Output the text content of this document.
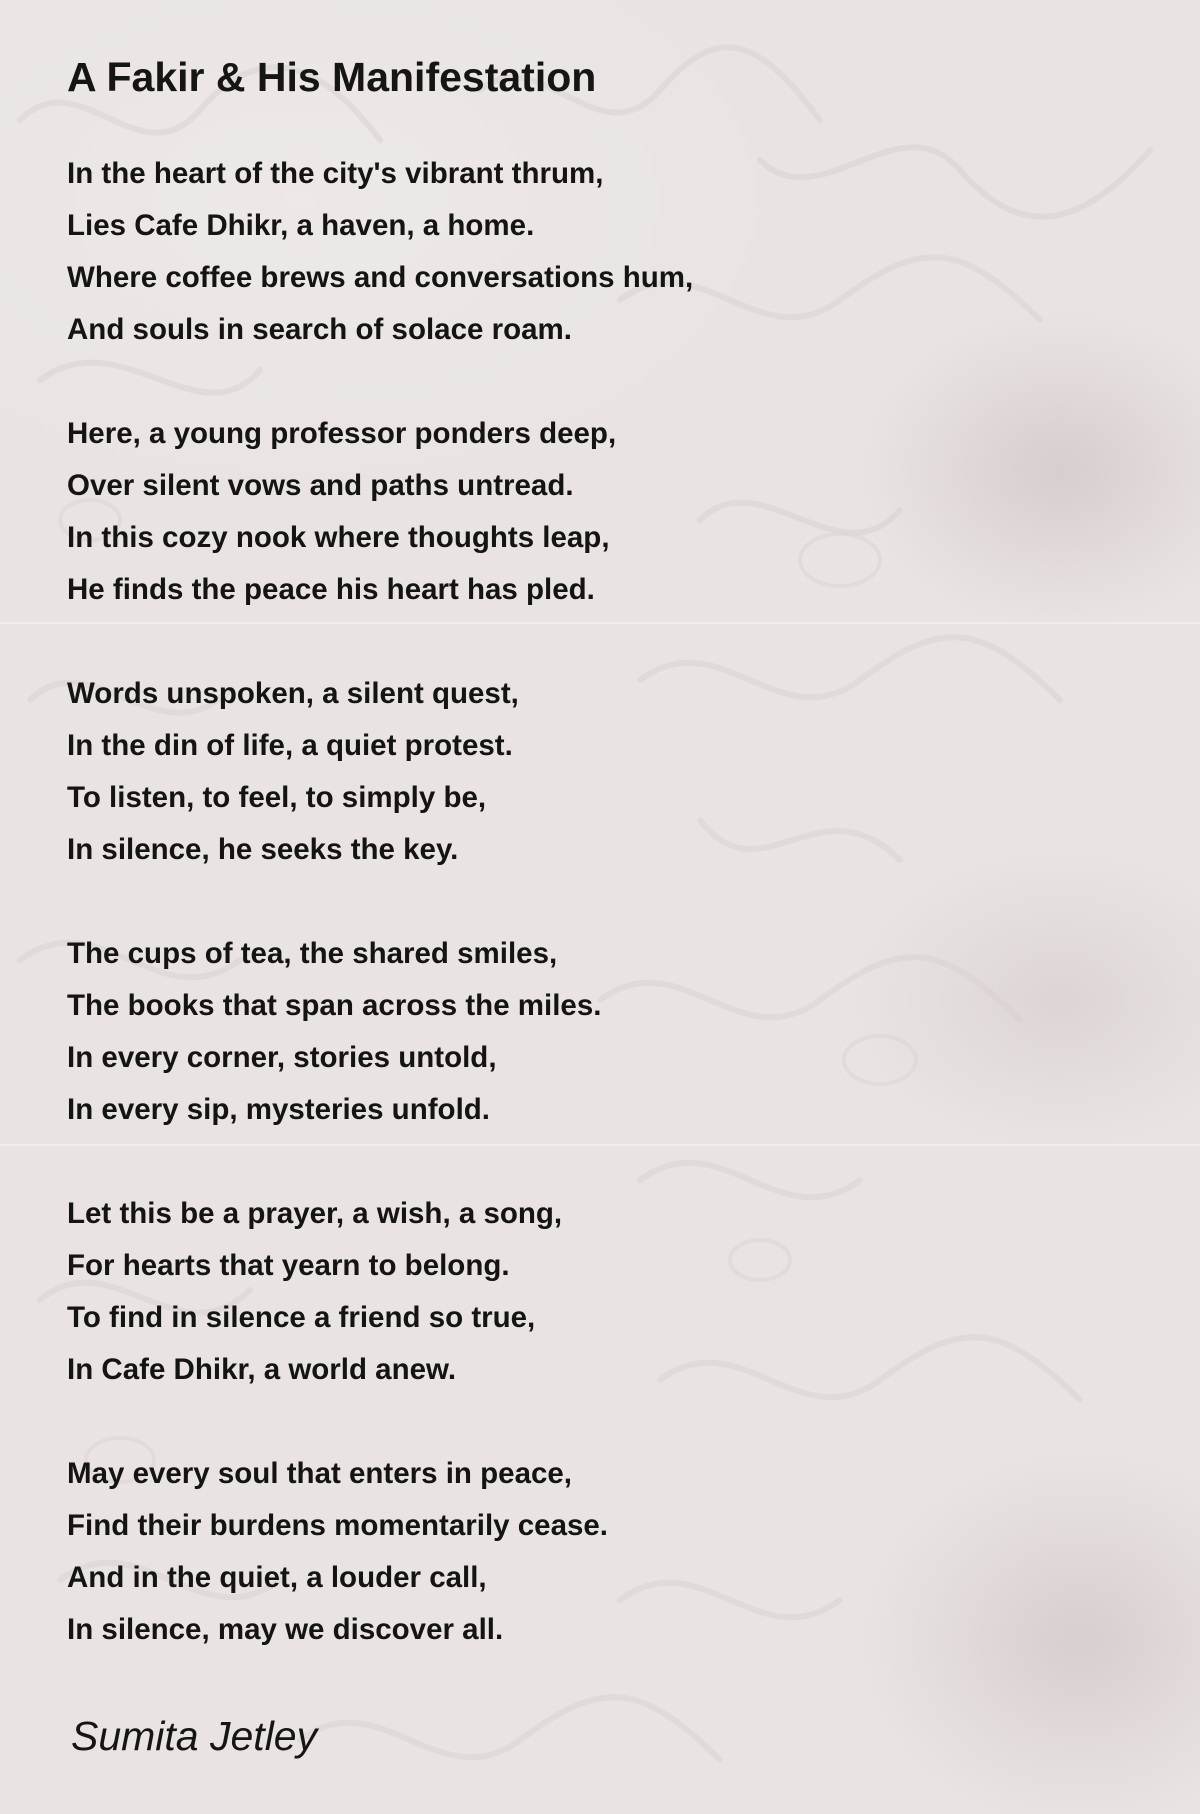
A Fakir & His Manifestation
In the heart of the city's vibrant thrum,
Lies Cafe Dhikr, a haven, a home.
Where coffee brews and conversations hum,
And souls in search of solace roam.
Here, a young professor ponders deep,
Over silent vows and paths untread.
In this cozy nook where thoughts leap,
He finds the peace his heart has pled.
Words unspoken, a silent quest,
In the din of life, a quiet protest.
To listen, to feel, to simply be,
In silence, he seeks the key.
The cups of tea, the shared smiles,
The books that span across the miles.
In every corner, stories untold,
In every sip, mysteries unfold.
Let this be a prayer, a wish, a song,
For hearts that yearn to belong.
To find in silence a friend so true,
In Cafe Dhikr, a world anew.
May every soul that enters in peace,
Find their burdens momentarily cease.
And in the quiet, a louder call,
In silence, may we discover all.
Sumita Jetley
